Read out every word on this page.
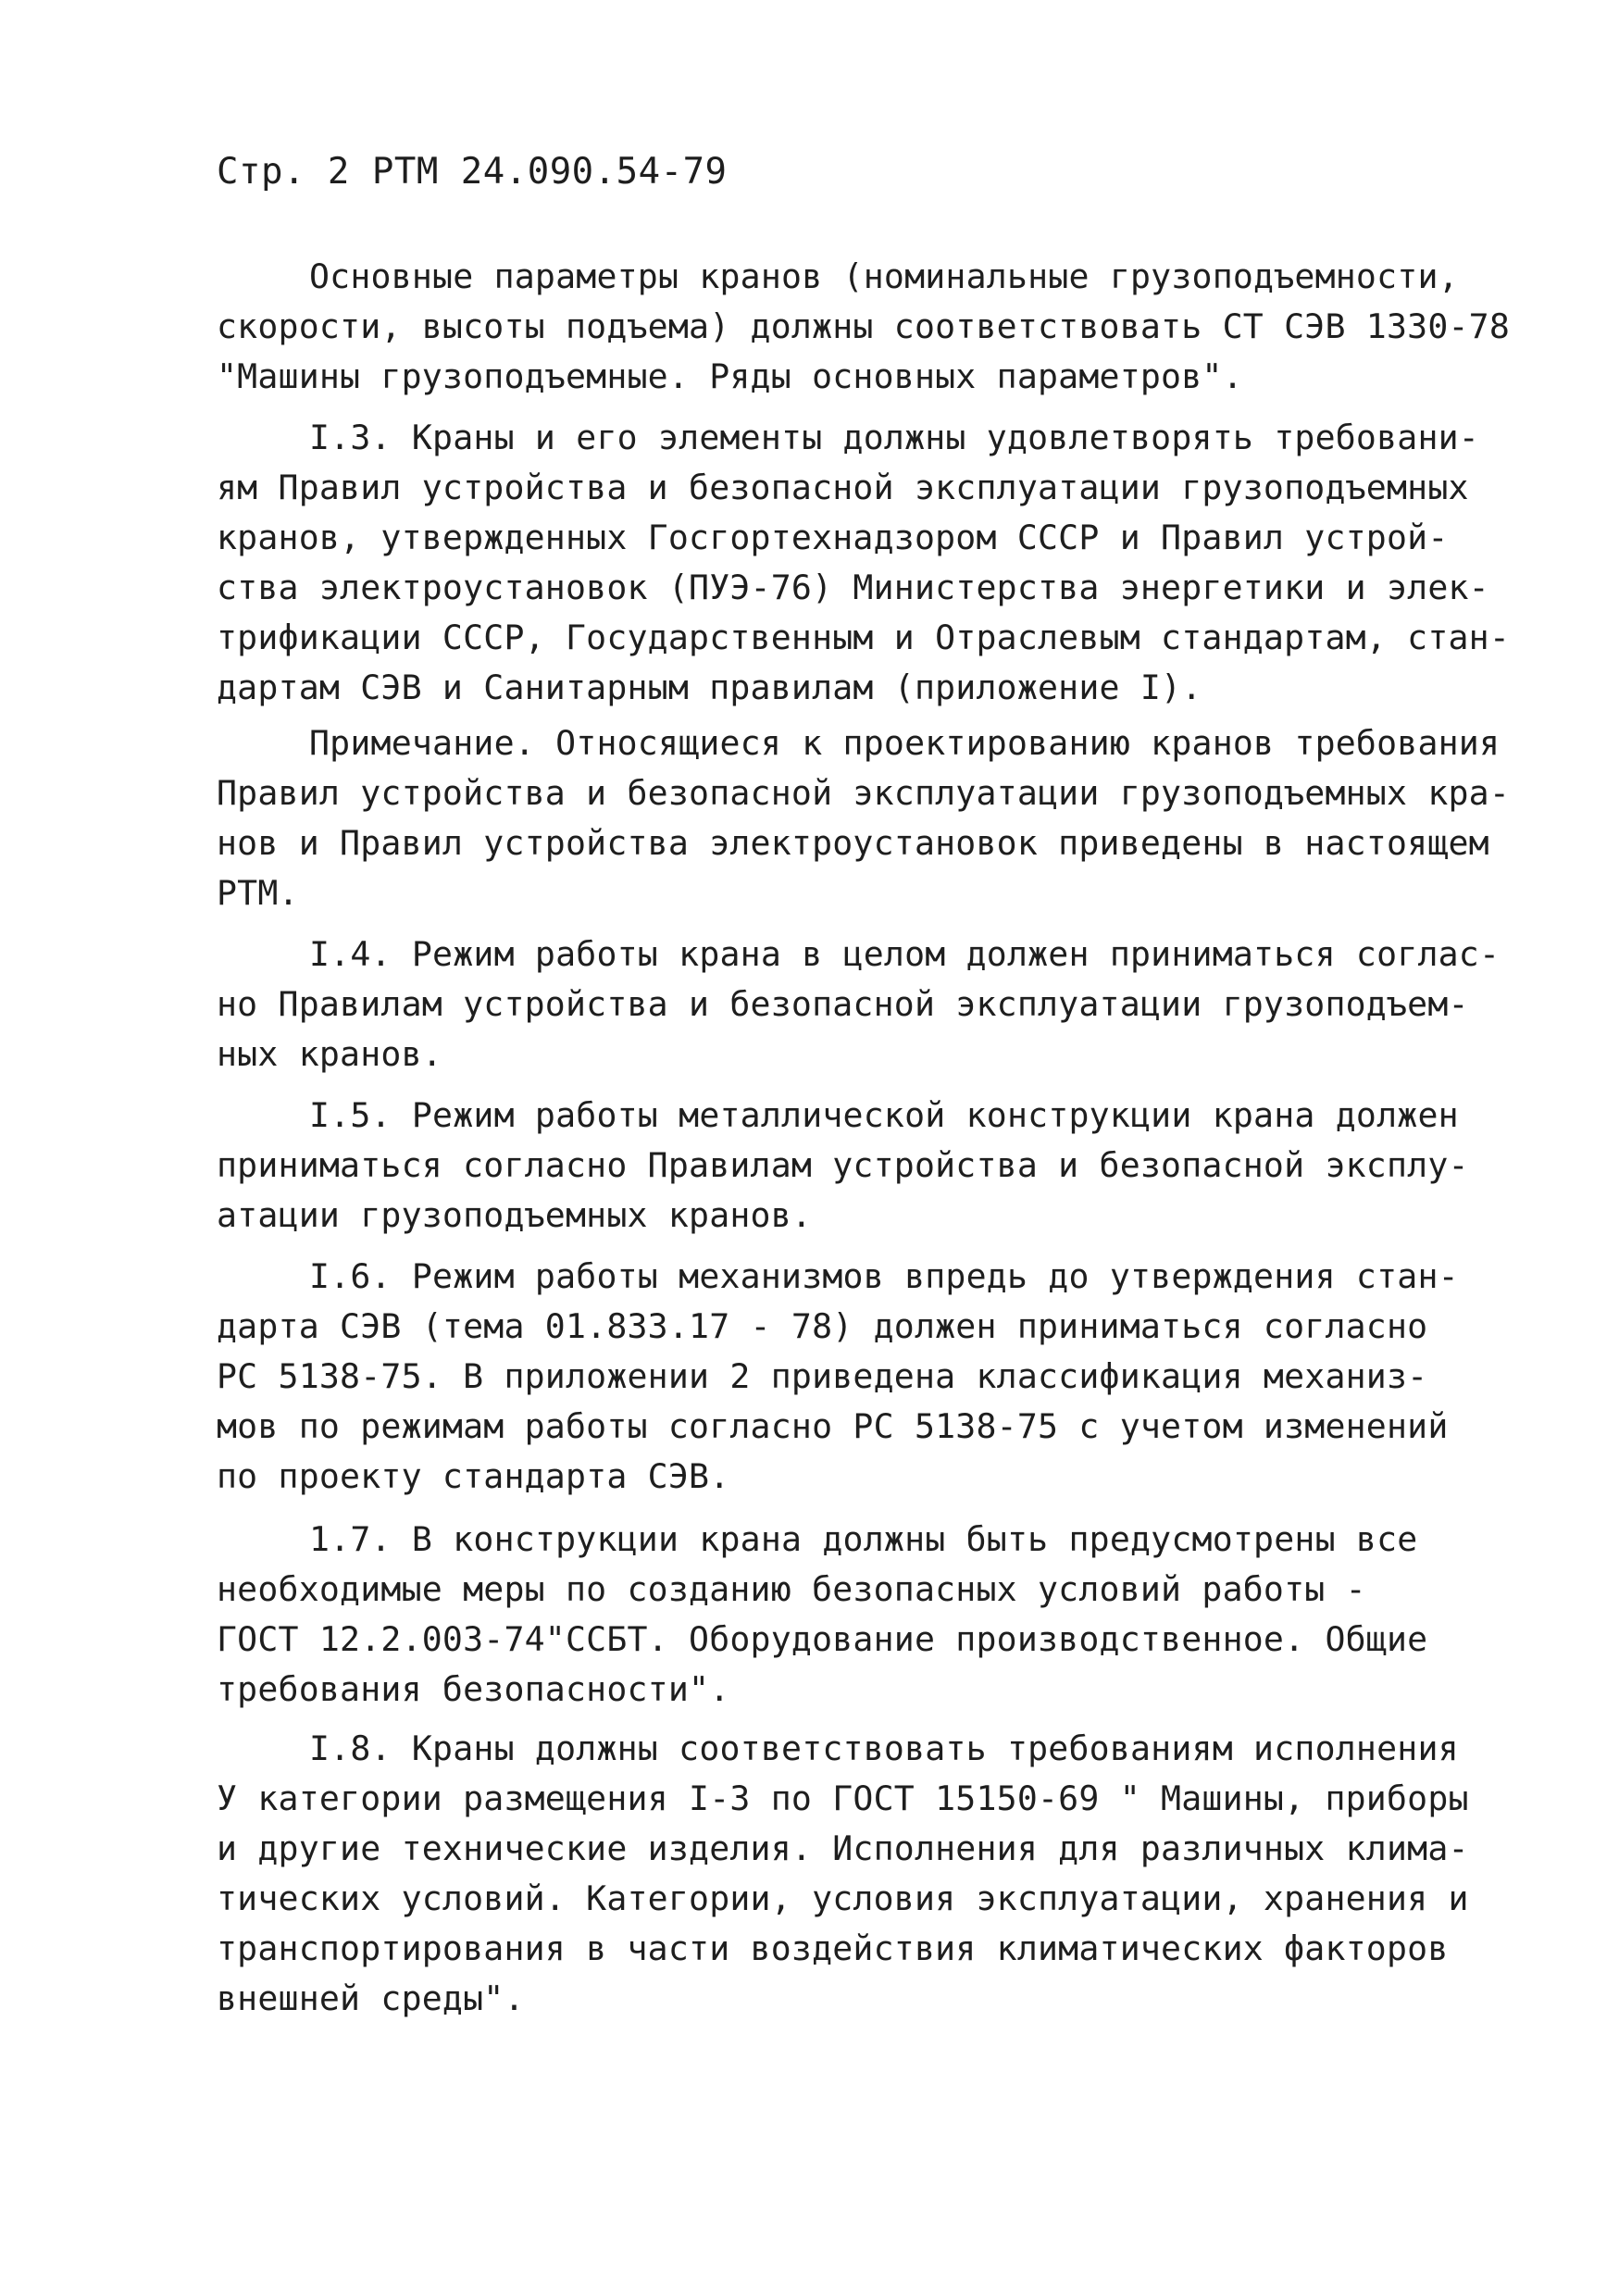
Стр. 2 РТМ 24.090.54-79
Основные параметры кранов (номинальные грузоподъемности,
скорости, высоты подъема) должны соответствовать СТ СЭВ 1330-78
"Машины грузоподъемные. Ряды основных параметров".
I.3. Краны и его элементы должны удовлетворять требовани-
ям Правил устройства и безопасной эксплуатации грузоподъемных
кранов, утвержденных Госгортехнадзором СССР и Правил устрой-
ства электроустановок (ПУЭ-76) Министерства энергетики и элек-
трификации СССР, Государственным и Отраслевым стандартам, стан-
дартам СЭВ и Санитарным правилам (приложение I).
Примечание. Относящиеся к проектированию кранов требования
Правил устройства и безопасной эксплуатации грузоподъемных кра-
нов и Правил устройства электроустановок приведены в настоящем
РТМ.
I.4. Режим работы крана в целом должен приниматься соглас-
но Правилам устройства и безопасной эксплуатации грузоподъем-
ных кранов.
I.5. Режим работы металлической конструкции крана должен
приниматься согласно Правилам устройства и безопасной эксплу-
атации грузоподъемных кранов.
I.6. Режим работы механизмов впредь до утверждения стан-
дарта СЭВ (тема 01.833.17 - 78) должен приниматься согласно
РС 5138-75. В приложении 2 приведена классификация механиз-
мов по режимам работы согласно РС 5138-75 с учетом изменений
по проекту стандарта СЭВ.
1.7. В конструкции крана должны быть предусмотрены все
необходимые меры по созданию безопасных условий работы -
ГОСТ 12.2.003-74"ССБТ. Оборудование производственное. Общие
требования безопасности".
I.8. Краны должны соответствовать требованиям исполнения
У категории размещения I-3 по ГОСТ 15150-69 " Машины, приборы
и другие технические изделия. Исполнения для различных клима-
тических условий. Категории, условия эксплуатации, хранения и
транспортирования в части воздействия климатических факторов
внешней среды".
